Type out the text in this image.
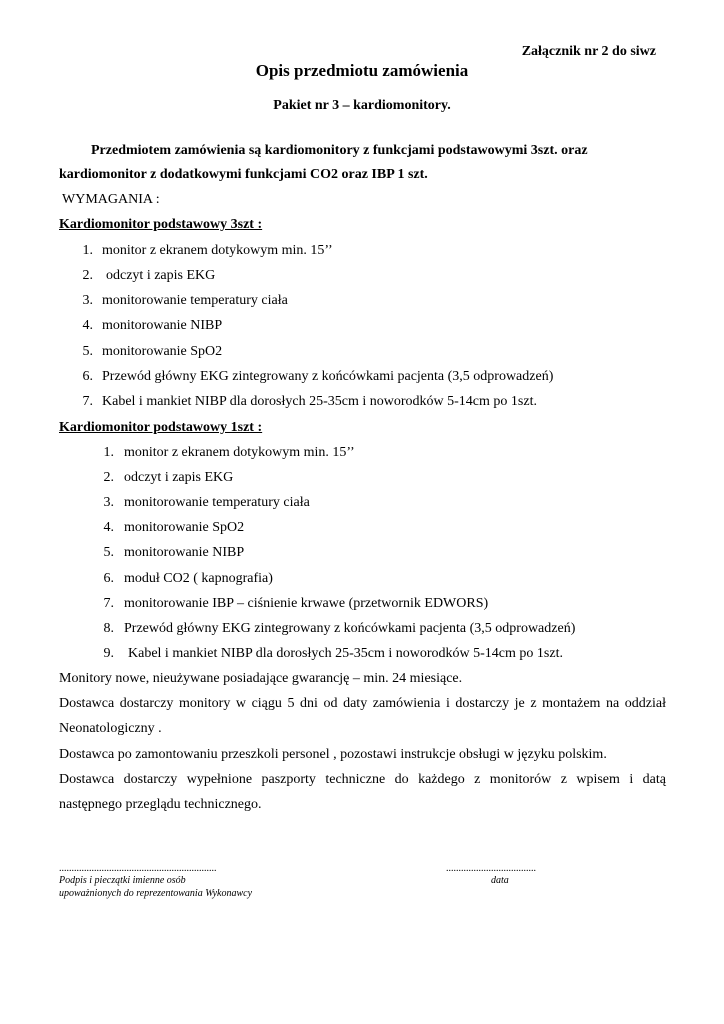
Załącznik nr 2 do siwz
Opis przedmiotu zamówienia
Pakiet nr 3 – kardiomonitory.
Przedmiotem zamówienia są kardiomonitory z funkcjami podstawowymi 3szt. oraz
kardiomonitor z dodatkowymi funkcjami CO2 oraz IBP 1 szt.
WYMAGANIA :
Kardiomonitor podstawowy 3szt :
1. monitor z ekranem dotykowym min. 15’’
2. odczyt i zapis EKG
3. monitorowanie temperatury ciała
4. monitorowanie NIBP
5. monitorowanie SpO2
6. Przewód główny EKG zintegrowany z końcówkami pacjenta (3,5 odprowadzeń)
7. Kabel i mankiet NIBP dla dorosłych 25-35cm i noworodków 5-14cm po 1szt.
Kardiomonitor podstawowy 1szt :
1. monitor z ekranem dotykowym min. 15’’
2. odczyt i zapis EKG
3. monitorowanie temperatury ciała
4. monitorowanie SpO2
5. monitorowanie NIBP
6. moduł CO2 ( kapnografia)
7. monitorowanie IBP – ciśnienie krwawe (przetwornik EDWORS)
8. Przewód główny EKG zintegrowany z końcówkami pacjenta (3,5 odprowadzeń)
9. Kabel i mankiet NIBP dla dorosłych 25-35cm i noworodków 5-14cm po 1szt.
Monitory nowe, nieużywane posiadające gwarancję – min. 24 miesiące.
Dostawca dostarczy monitory w ciągu 5 dni od daty zamówienia i dostarczy je z montażem na oddział
Neonatologiczny .
Dostawca po zamontowaniu przeszkoli personel , pozostawi instrukcje obsługi w języku polskim.
Dostawca dostarczy wypełnione paszporty techniczne do każdego z monitorów z wpisem i datą
następnego przeglądu technicznego.
...............................................................	....................................
Podpis i pieczątki imienne osób
upoważnionych do reprezentowania Wykonawcy
data
